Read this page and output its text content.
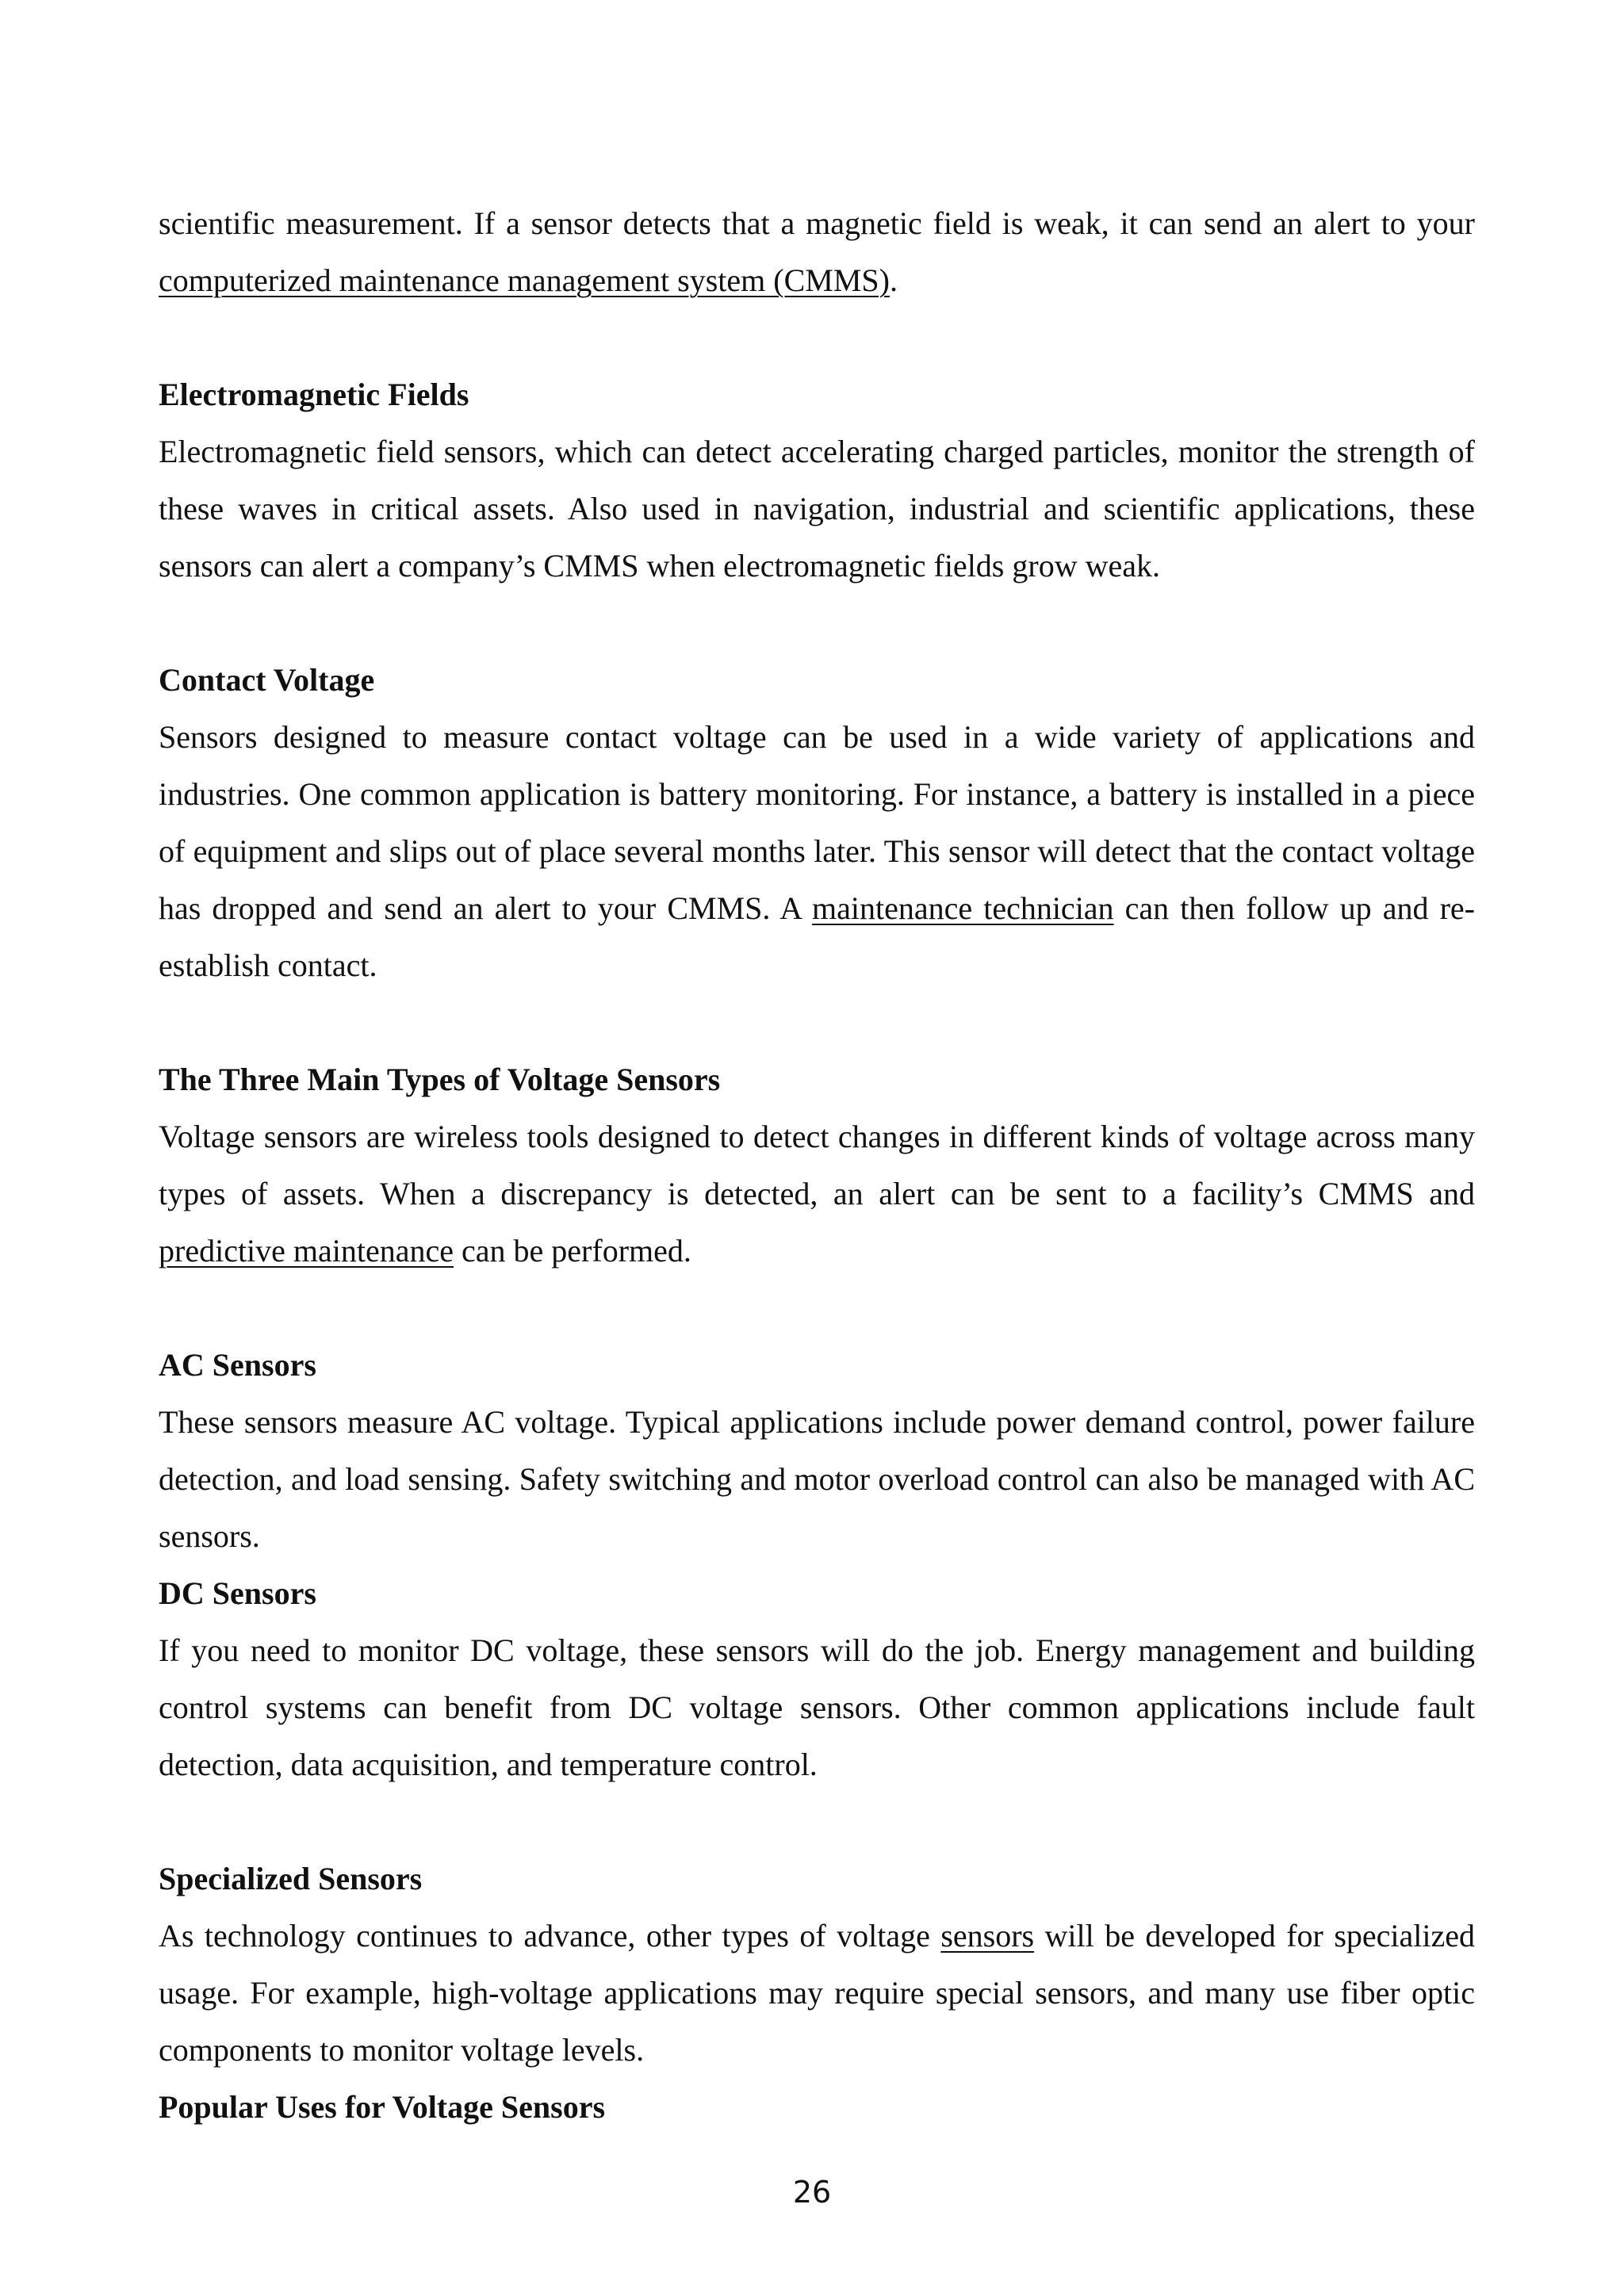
scientific measurement. If a sensor detects that a magnetic field is weak, it can send an alert to your computerized maintenance management system (CMMS).

Electromagnetic Fields

Electromagnetic field sensors, which can detect accelerating charged particles, monitor the strength of these waves in critical assets. Also used in navigation, industrial and scientific applications, these sensors can alert a company’s CMMS when electromagnetic fields grow weak.

Contact Voltage

Sensors designed to measure contact voltage can be used in a wide variety of applications and industries. One common application is battery monitoring. For instance, a battery is installed in a piece of equipment and slips out of place several months later. This sensor will detect that the contact voltage has dropped and send an alert to your CMMS. A maintenance technician can then follow up and re-establish contact.

The Three Main Types of Voltage Sensors

Voltage sensors are wireless tools designed to detect changes in different kinds of voltage across many types of assets. When a discrepancy is detected, an alert can be sent to a facility’s CMMS and predictive maintenance can be performed.

AC Sensors

These sensors measure AC voltage. Typical applications include power demand control, power failure detection, and load sensing. Safety switching and motor overload control can also be managed with AC sensors.

DC Sensors

If you need to monitor DC voltage, these sensors will do the job. Energy management and building control systems can benefit from DC voltage sensors. Other common applications include fault detection, data acquisition, and temperature control.

Specialized Sensors

As technology continues to advance, other types of voltage sensors will be developed for specialized usage. For example, high-voltage applications may require special sensors, and many use fiber optic components to monitor voltage levels.

Popular Uses for Voltage Sensors

26
